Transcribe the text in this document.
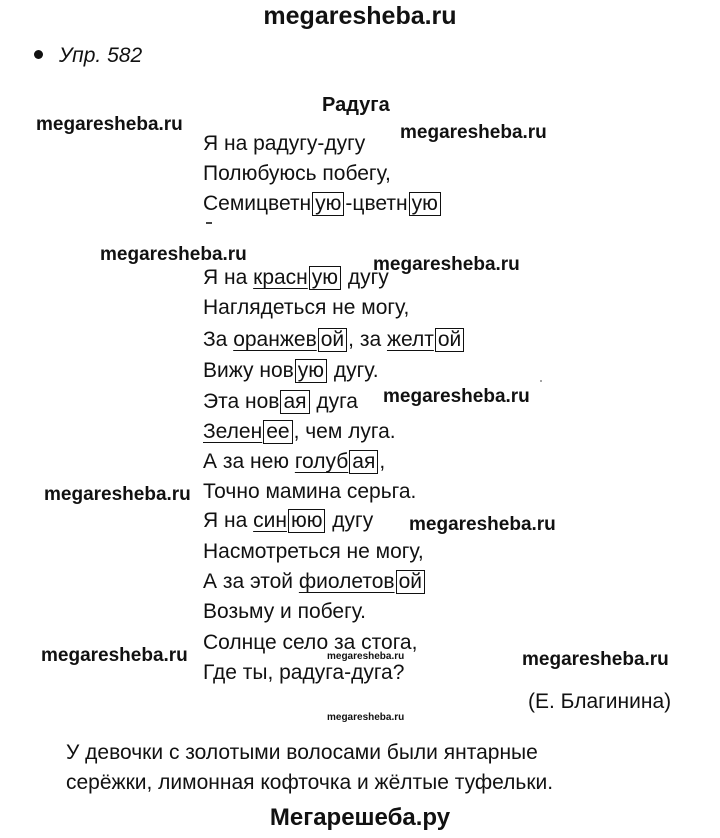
megaresheba.ru
Упр. 582
Радуга
Я на радугу-дугу
Полюбуюсь побегу,
Семицветн ую -цветн ую
Я на красн ую дугу
Наглядеться не могу,
За оранжев ой , за желт ой
Вижу нов ую дугу.
Эта нов ая дуга
Зелен ее , чем луга.
А за нею голуб ая ,
Точно мамина серьга.
Я на син юю дугу
Насмотреться не могу,
А за этой фиолетов ой
Возьму и побегу.
Солнце село за стога,
Где ты, радуга-дуга?
megaresheba.ru	megaresheba.ru
megaresheba.ru	megaresheba.ru
megaresheba.ru
megaresheba.ru
megaresheba.ru
megaresheba.ru	megaresheba.ru
megaresheba.ru
megaresheba.ru
(Е. Благинина)
У девочки с золотыми волосами были янтарные
серёжки, лимонная кофточка и жёлтые туфельки.
Мегарешеба.ру
